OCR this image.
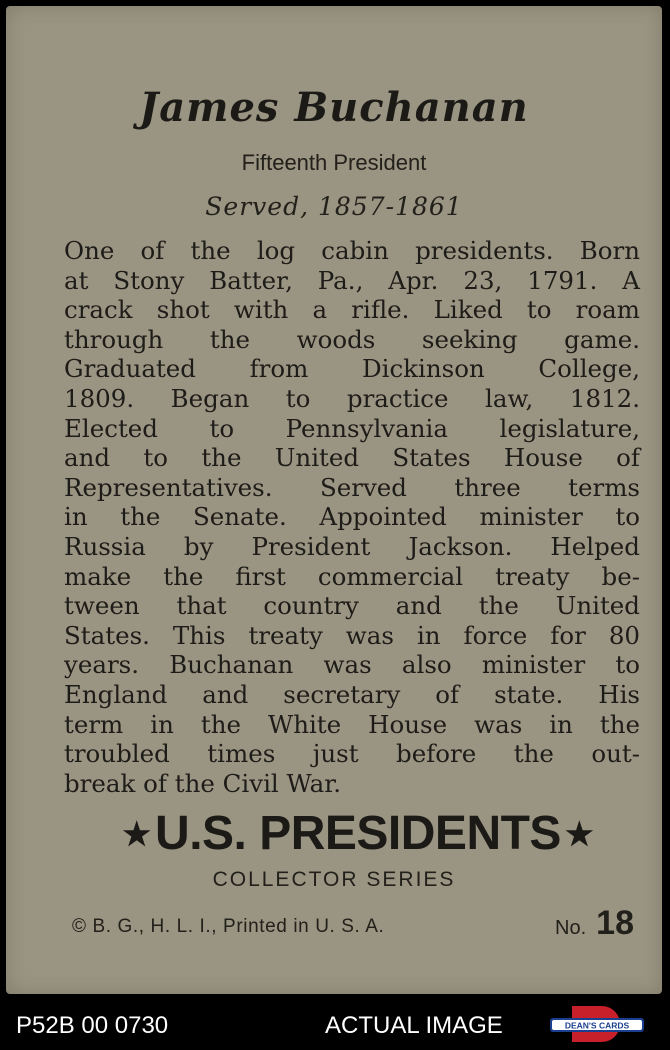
James Buchanan
Fifteenth President
Served, 1857-1861
One of the log cabin presidents. Born
at Stony Batter, Pa., Apr. 23, 1791. A
crack shot with a rifle. Liked to roam
through the woods seeking game.
Graduated from Dickinson College,
1809. Began to practice law, 1812.
Elected to Pennsylvania legislature,
and to the United States House of
Representatives. Served three terms
in the Senate. Appointed minister to
Russia by President Jackson. Helped
make the first commercial treaty be-
tween that country and the United
States. This treaty was in force for 80
years. Buchanan was also minister to
England and secretary of state. His
term in the White House was in the
troubled times just before the out-
break of the Civil War.
★ U.S. PRESIDENTS ★
COLLECTOR SERIES
© B. G., H. L. I., Printed in U. S. A.	No. 18
P52B 00 0730	ACTUAL IMAGE	DEAN'S CARDS
